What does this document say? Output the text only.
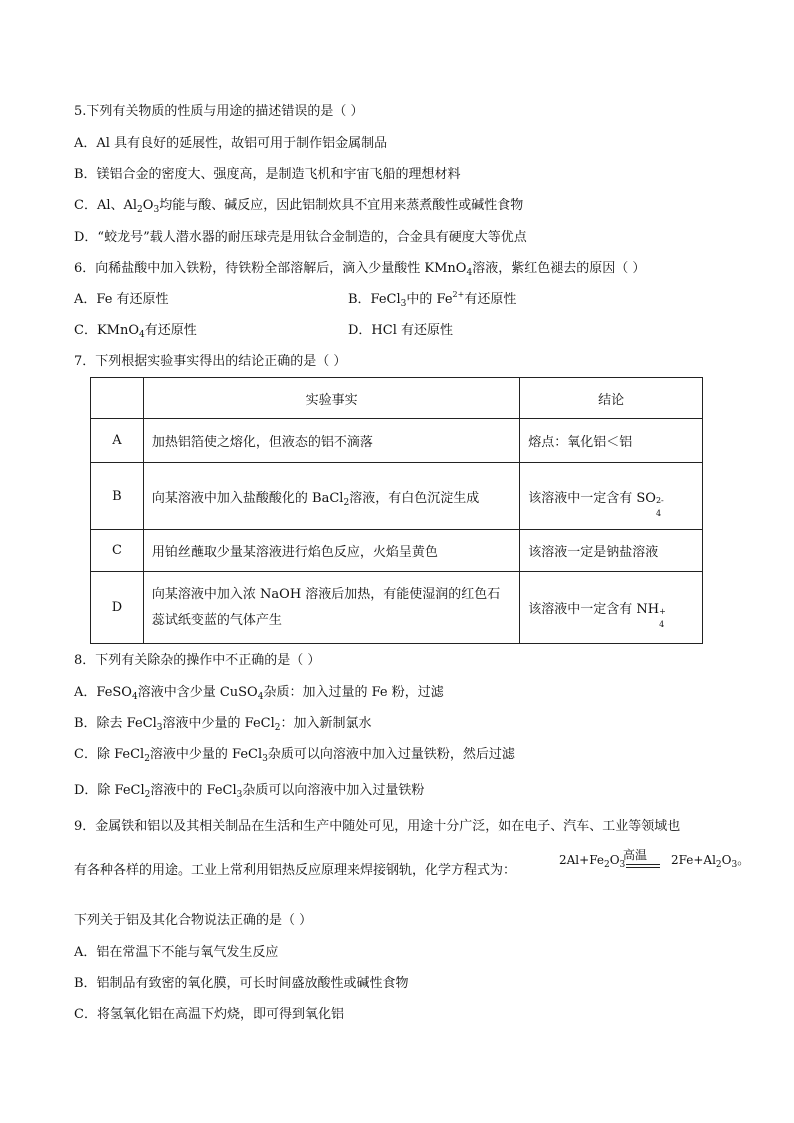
5.下列有关物质的性质与用途的描述错误的是（ ）
A．Al 具有良好的延展性，故铝可用于制作铝金属制品
B．镁铝合金的密度大、强度高，是制造飞机和宇宙飞船的理想材料
C．Al、$Al_2O_3$均能与酸、碱反应，因此铝制炊具不宜用来蒸煮酸性或碱性食物
D．“蛟龙号”载人潜水器的耐压球壳是用钛合金制造的，合金具有硬度大等优点
6．向稀盐酸中加入铁粉，待铁粉全部溶解后，滴入少量酸性 KMnO$_4$溶液，紫红色褪去的原因（ ）
A．Fe 有还原性	B．FeCl$_3$中的 $Fe^{2+}$有还原性
C．KMnO$_4$有还原性	D．HCl 有还原性
7．下列根据实验事实得出的结论正确的是（ ）
	实验事实	结论
A	加热铝箔使之熔化，但液态的铝不滴落	熔点：氧化铝＜铝
B	向某溶液中加入盐酸酸化的 BaCl$_2$溶液，有白色沉淀生成	该溶液中一定含有 SO 2-
4

C	用铂丝蘸取少量某溶液进行焰色反应，火焰呈黄色	该溶液一定是钠盐溶液
D	向某溶液中加入浓 NaOH 溶液后加热，有能使湿润的红色石
蕊试纸变蓝的气体产生	该溶液中一定含有 NH +
4
8．下列有关除杂的操作中不正确的是（ ）
A．FeSO$_4$溶液中含少量 CuSO$_4$杂质：加入过量的 Fe 粉，过滤
B．除去 FeCl$_3$溶液中少量的 FeCl$_2$：加入新制氯水
C．除 FeCl$_2$溶液中少量的 FeCl$_3$杂质可以向溶液中加入过量铁粉，然后过滤
D．除 FeCl$_2$溶液中的 FeCl$_3$杂质可以向溶液中加入过量铁粉
9．金属铁和铝以及其相关制品在生活和生产中随处可见，用途十分广泛，如在电子、汽车、工业等领域也
有各种各样的用途。工业上常利用铝热反应原理来焊接钢轨，化学方程式为：
$2Al+Fe_2O_3$	$2Fe+Al_2O_3$。
高温
下列关于铝及其化合物说法正确的是（ ）
A．铝在常温下不能与氧气发生反应
B．铝制品有致密的氧化膜，可长时间盛放酸性或碱性食物
C．将氢氧化铝在高温下灼烧，即可得到氧化铝
